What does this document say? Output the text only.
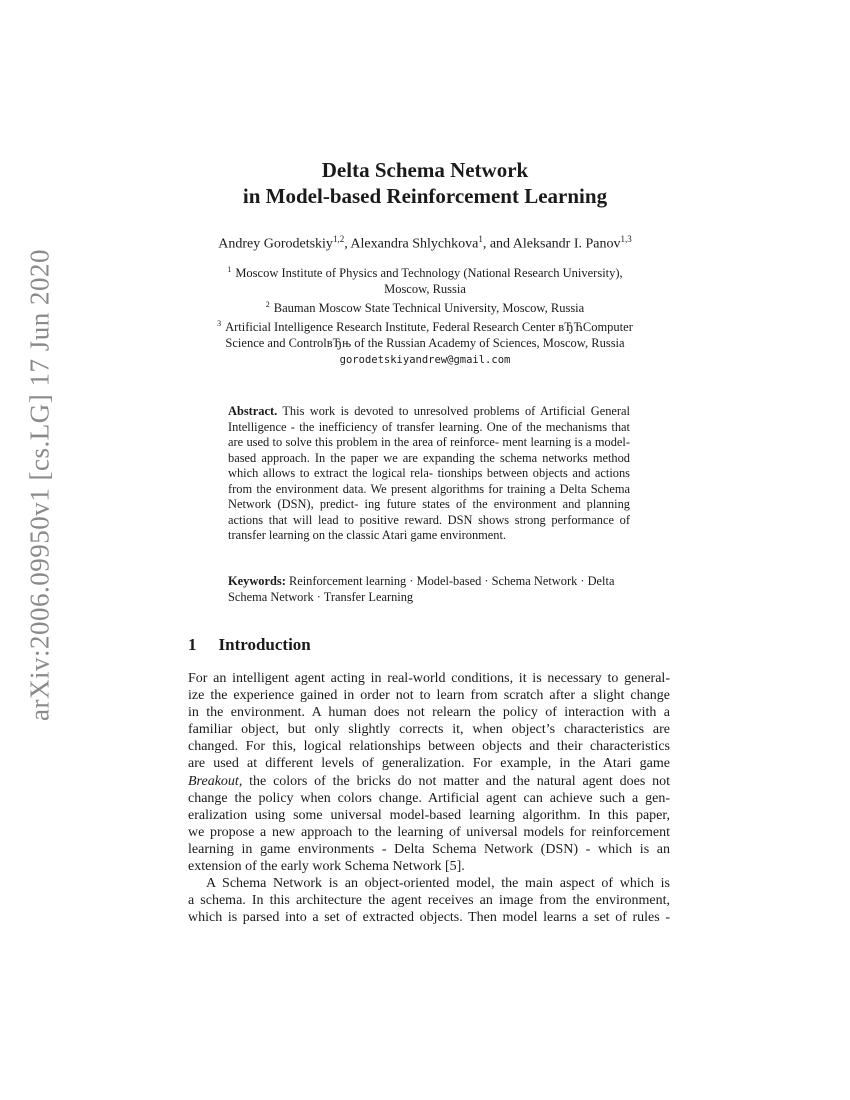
arXiv:2006.09950v1 [cs.LG] 17 Jun 2020
Delta Schema Network
in Model-based Reinforcement Learning
Andrey Gorodetskiy$^{1,2}$, Alexandra Shlychkova$^1$, and Aleksandr I. Panov$^{1,3}$
$^1$ Moscow Institute of Physics and Technology (National Research University),
Moscow, Russia
$^2$ Bauman Moscow State Technical University, Moscow, Russia
$^3$ Artificial Intelligence Research Institute, Federal Research Center вЂЋComputer
Science and ControlвЂњ of the Russian Academy of Sciences, Moscow, Russia
gorodetskiyandrew@gmail.com
Abstract. This work is devoted to unresolved problems of Artificial General Intelligence - the inefficiency of transfer learning. One of the mechanisms that are used to solve this problem in the area of reinforce- ment learning is a model-based approach. In the paper we are expanding the schema networks method which allows to extract the logical rela- tionships between objects and actions from the environment data. We present algorithms for training a Delta Schema Network (DSN), predict- ing future states of the environment and planning actions that will lead to positive reward. DSN shows strong performance of transfer learning on the classic Atari game environment.
Keywords: Reinforcement learning · Model-based · Schema Network · Delta Schema Network · Transfer Learning
1 Introduction
For an intelligent agent acting in real-world conditions, it is necessary to general-
ize the experience gained in order not to learn from scratch after a slight change
in the environment. A human does not relearn the policy of interaction with a
familiar object, but only slightly corrects it, when object’s characteristics are
changed. For this, logical relationships between objects and their characteristics
are used at different levels of generalization. For example, in the Atari game
Breakout, the colors of the bricks do not matter and the natural agent does not
change the policy when colors change. Artificial agent can achieve such a gen-
eralization using some universal model-based learning algorithm. In this paper,
we propose a new approach to the learning of universal models for reinforcement
learning in game environments - Delta Schema Network (DSN) - which is an
extension of the early work Schema Network [5].
A Schema Network is an object-oriented model, the main aspect of which is
a schema. In this architecture the agent receives an image from the environment,
which is parsed into a set of extracted objects. Then model learns a set of rules -
